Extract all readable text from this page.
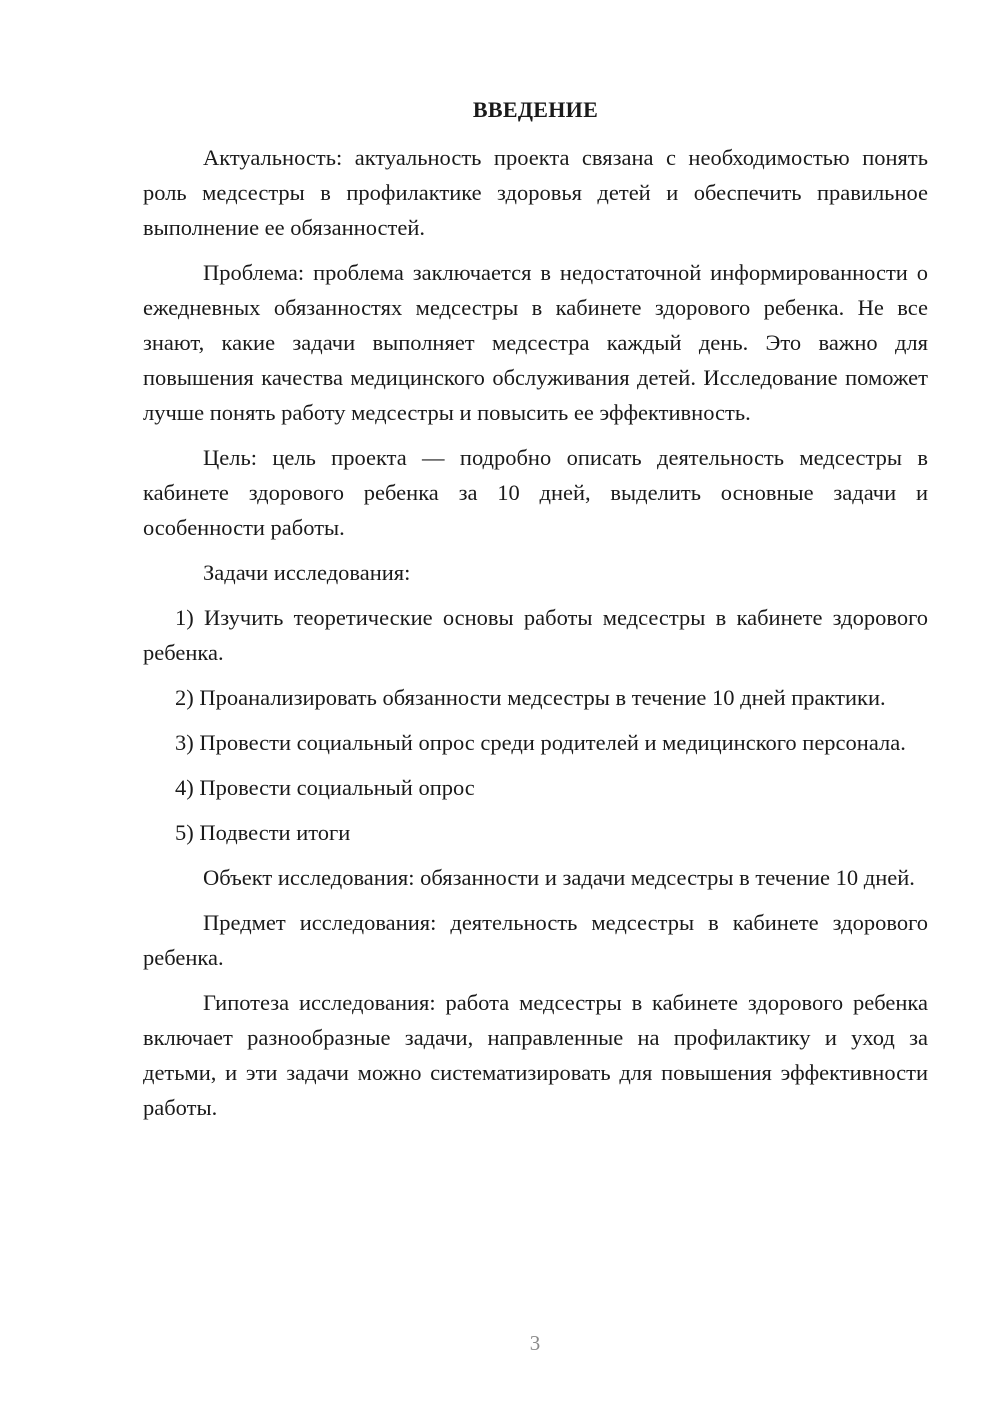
ВВЕДЕНИЕ

Актуальность: актуальность проекта связана с необходимостью понять роль медсестры в профилактике здоровья детей и обеспечить правильное выполнение ее обязанностей.

Проблема: проблема заключается в недостаточной информированности о ежедневных обязанностях медсестры в кабинете здорового ребенка. Не все знают, какие задачи выполняет медсестра каждый день. Это важно для повышения качества медицинского обслуживания детей. Исследование поможет лучше понять работу медсестры и повысить ее эффективность.

Цель: цель проекта — подробно описать деятельность медсестры в кабинете здорового ребенка за 10 дней, выделить основные задачи и особенности работы.

Задачи исследования:

1) Изучить теоретические основы работы медсестры в кабинете здорового ребенка.

2) Проанализировать обязанности медсестры в течение 10 дней практики.

3) Провести социальный опрос среди родителей и медицинского персонала.

4) Провести социальный опрос

5) Подвести итоги

Объект исследования: обязанности и задачи медсестры в течение 10 дней.

Предмет исследования: деятельность медсестры в кабинете здорового ребенка.

Гипотеза исследования: работа медсестры в кабинете здорового ребенка включает разнообразные задачи, направленные на профилактику и уход за детьми, и эти задачи можно систематизировать для повышения эффективности работы.

3
